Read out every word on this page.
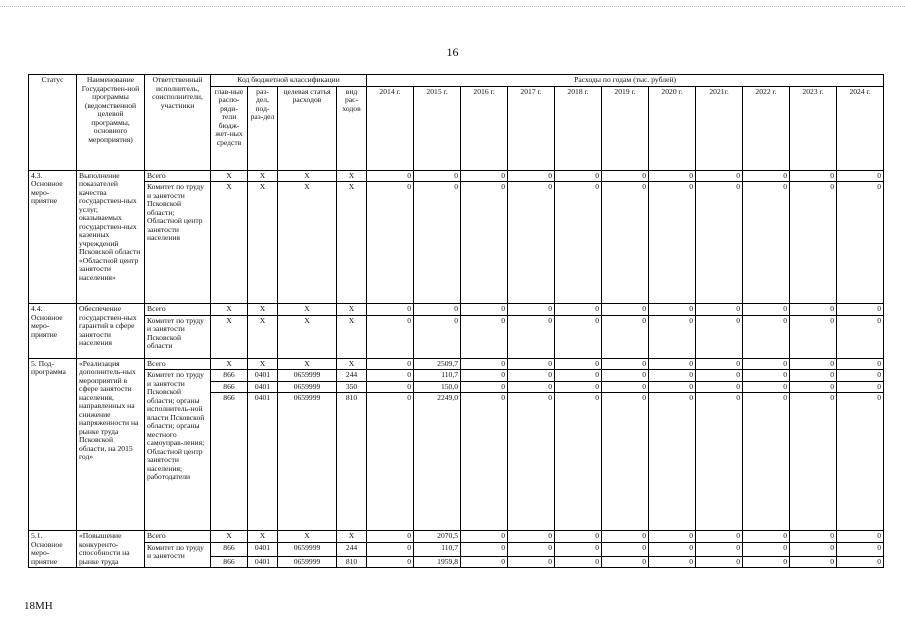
16
Статус	Наименование Государствен-ной программы (ведомственной целевой программы, основного мероприятия)	Ответственный исполнитель, соисполнители, участники	Код бюджетной классификации				Расходы по годам (тыс. рублей)										
			глав-ные распо-ряди-тели бюдж-жет-ных средств	раз-дел, под-раз-дел	целевая статья расходов	вид рас-ходов	2014 г.	2015 г.	2016 г.	2017 г.	2018 г.	2019 г.	2020 г.	2021г.	2022 г.	2023 г.	2024 г.
4.3. Основное меро-приятие	Выполнение показателей качества государствен-ных услуг, оказываемых государствен-ных казенных учреждений Псковской области «Областной центр занятости населения»	Всего	X	X	X	X	0	0	0	0	0	0	0	0	0	0	0
		Комитет по труду и занятости Псковской области; Областной центр занятости населения	X	X	X	X	0	0	0	0	0	0	0	0	0	0	0
4.4. Основное меро-приятие	Обеспечение государствен-ных гарантий в сфере занятости населения	Всего	X	X	X	X	0	0	0	0	0	0	0	0	0	0	0
		Комитет по труду и занятости Псковской области	X	X	X	X	0	0	0	0	0	0	0	0	0	0	0
5. Под-программа	«Реализация дополнитель-ных мероприятий в сфере занятости населения, направленных на снижение напряженности на рынке труда Псковской области, на 2015 год»	Всего	X	X	X	X	0	2509,7	0	0	0	0	0	0	0	0	0
		Комитет по труду и занятости Псковской области; органы исполнитель-ной власти Псковской области; органы местного самоуправ-ления; Областной центр занятости населения; работодатели	866	0401	0659999	244	0	110,7	0	0	0	0	0	0	0	0	0
			866	0401	0659999	350	0	150,0	0	0	0	0	0	0	0	0	0
			866	0401	0659999	810	0	2249,0	0	0	0	0	0	0	0	0	0
5.1. Основное меро-приятие	«Повышение конкуренто-способности на рынке труда	Всего	X	X	X	X	0	2070,5	0	0	0	0	0	0	0	0	0
		Комитет по труду и занятости	866	0401	0659999	244	0	110,7	0	0	0	0	0	0	0	0	0
			866	0401	0659999	810	0	1959,8	0	0	0	0	0	0	0	0	0
18МН
